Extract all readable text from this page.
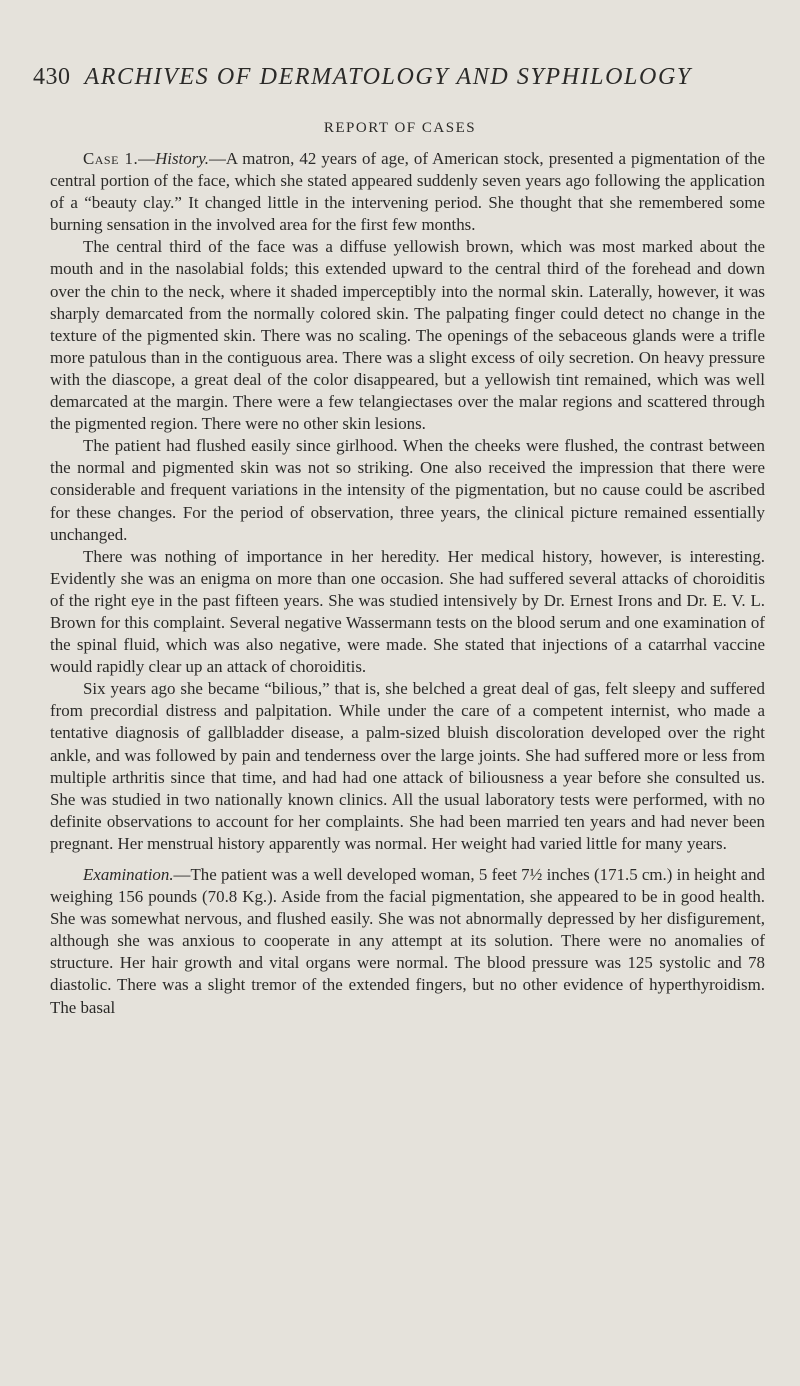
430 ARCHIVES OF DERMATOLOGY AND SYPHILOLOGY
REPORT OF CASES

Case 1.—History.—A matron, 42 years of age, of American stock, presented a pigmentation of the central portion of the face, which she stated appeared suddenly seven years ago following the application of a “beauty clay.” It changed little in the intervening period. She thought that she remembered some burning sensation in the involved area for the first few months.

The central third of the face was a diffuse yellowish brown, which was most marked about the mouth and in the nasolabial folds; this extended upward to the central third of the forehead and down over the chin to the neck, where it shaded imperceptibly into the normal skin. Laterally, however, it was sharply demarcated from the normally colored skin. The palpating finger could detect no change in the texture of the pigmented skin. There was no scaling. The openings of the sebaceous glands were a trifle more patulous than in the contiguous area. There was a slight excess of oily secretion. On heavy pressure with the diascope, a great deal of the color disappeared, but a yellowish tint remained, which was well demarcated at the margin. There were a few telangiectases over the malar regions and scattered through the pigmented region. There were no other skin lesions.

The patient had flushed easily since girlhood. When the cheeks were flushed, the contrast between the normal and pigmented skin was not so striking. One also received the impression that there were considerable and frequent variations in the intensity of the pigmentation, but no cause could be ascribed for these changes. For the period of observation, three years, the clinical picture remained essentially unchanged.

There was nothing of importance in her heredity. Her medical history, however, is interesting. Evidently she was an enigma on more than one occasion. She had suffered several attacks of choroiditis of the right eye in the past fifteen years. She was studied intensively by Dr. Ernest Irons and Dr. E. V. L. Brown for this complaint. Several negative Wassermann tests on the blood serum and one examination of the spinal fluid, which was also negative, were made. She stated that injections of a catarrhal vaccine would rapidly clear up an attack of choroiditis.

Six years ago she became “bilious,” that is, she belched a great deal of gas, felt sleepy and suffered from precordial distress and palpitation. While under the care of a competent internist, who made a tentative diagnosis of gallbladder disease, a palm-sized bluish discoloration developed over the right ankle, and was followed by pain and tenderness over the large joints. She had suffered more or less from multiple arthritis since that time, and had had one attack of biliousness a year before she consulted us. She was studied in two nationally known clinics. All the usual laboratory tests were performed, with no definite observations to account for her complaints. She had been married ten years and had never been pregnant. Her menstrual history apparently was normal. Her weight had varied little for many years.

Examination.—The patient was a well developed woman, 5 feet 7½ inches (171.5 cm.) in height and weighing 156 pounds (70.8 Kg.). Aside from the facial pigmentation, she appeared to be in good health. She was somewhat nervous, and flushed easily. She was not abnormally depressed by her disfigurement, although she was anxious to cooperate in any attempt at its solution. There were no anomalies of structure. Her hair growth and vital organs were normal. The blood pressure was 125 systolic and 78 diastolic. There was a slight tremor of the extended fingers, but no other evidence of hyperthyroidism. The basal
